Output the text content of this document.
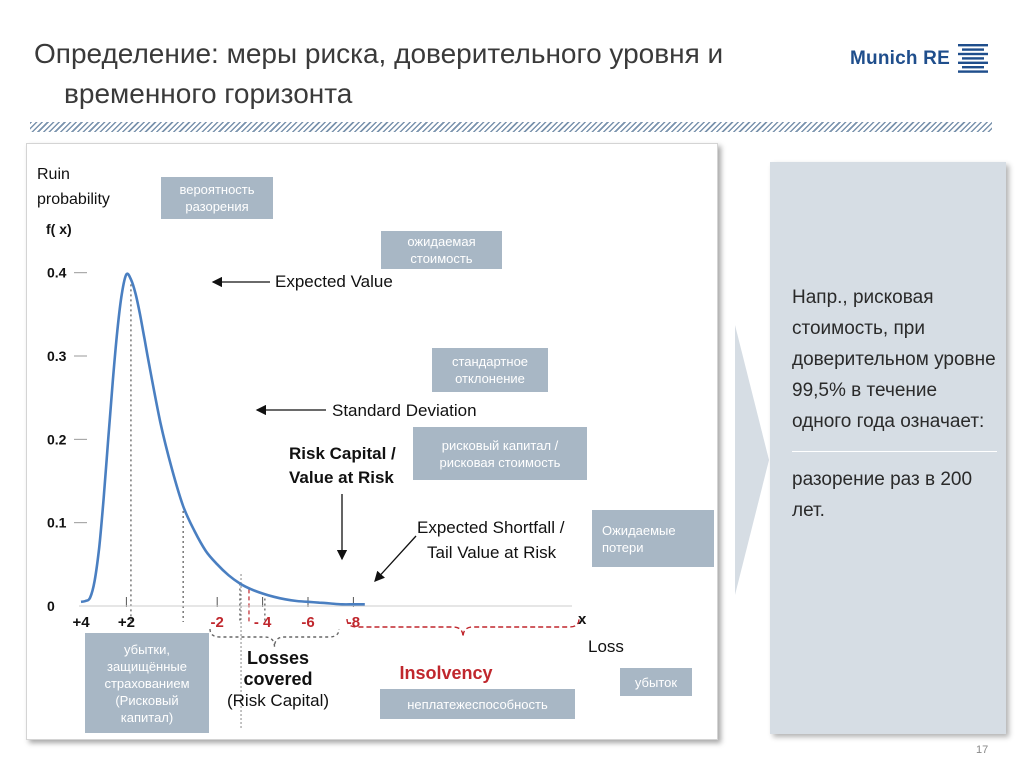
Определение: меры риска, доверительного уровня и
временного горизонта
Munich RE
Ruin
probability
f( x)
0
0.1
0.2
0.3
0.4
+4 +2	-2 - 4 -6 -8	x
Loss
Expected Value
Standard Deviation
Risk Capital /
Value at Risk
Expected Shortfall /
Tail Value at Risk
Losses
covered
(Risk Capital)
Insolvency
вероятность разорения
ожидаемая стоимость
стандартное отклонение
рисковый капитал / рисковая стоимость
Ожидаемые потери
убытки, защищённые страхованием (Рисковый капитал)
неплатежеспособность
убыток

Напр., рисковая стоимость, при доверительном уровне 99,5% в течение одного года означает:

разорение раз в 200 лет.

17
